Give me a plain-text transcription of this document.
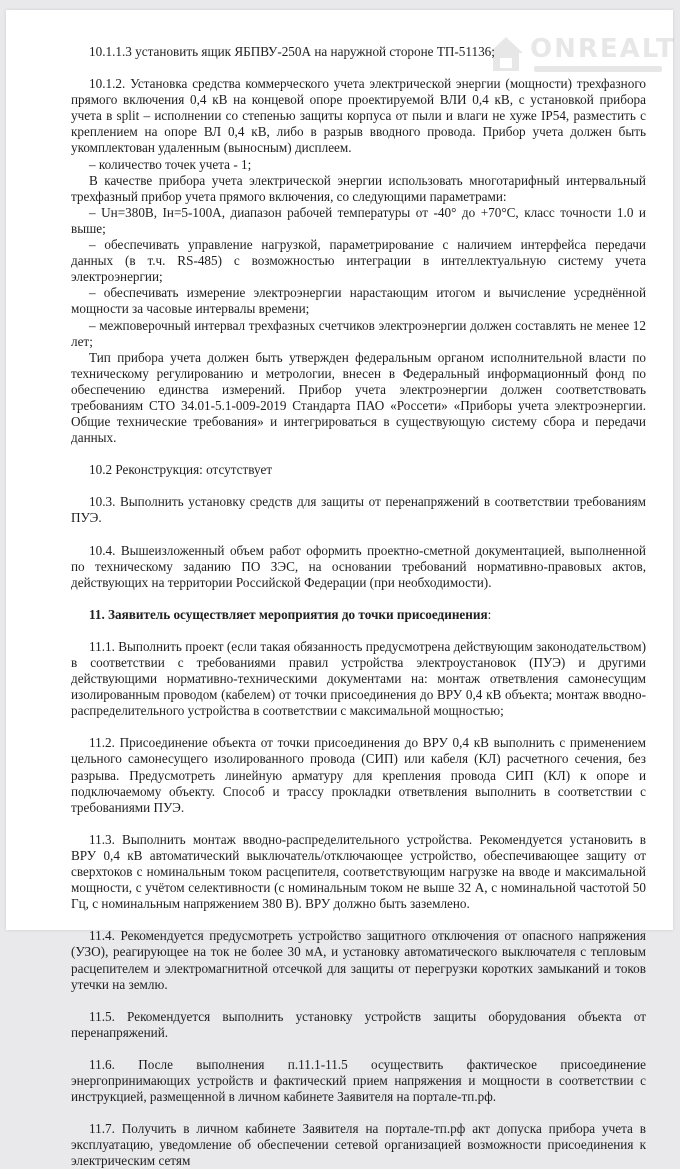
ONREALT

10.1.1.3 установить ящик ЯБПВУ-250А на наружной стороне ТП-51136;

10.1.2. Установка средства коммерческого учета электрической энергии (мощности) трехфазного прямого включения 0,4 кВ на концевой опоре проектируемой ВЛИ 0,4 кВ, с установкой прибора учета в split – исполнении со степенью защиты корпуса от пыли и влаги не хуже IP54, разместить с креплением на опоре ВЛ 0,4 кВ, либо в разрыв вводного провода. Прибор учета должен быть укомплектован удаленным (выносным) дисплеем.

– количество точек учета - 1;

В качестве прибора учета электрической энергии использовать многотарифный интервальный трехфазный прибор учета прямого включения, со следующими параметрами:

– Uн=380В, Iн=5-100А, диапазон рабочей температуры от -40° до +70°С, класс точности 1.0 и выше;

– обеспечивать управление нагрузкой, параметрирование с наличием интерфейса передачи данных (в т.ч. RS-485) с возможностью интеграции в интеллектуальную систему учета электроэнергии;

– обеспечивать измерение электроэнергии нарастающим итогом и вычисление усреднённой мощности за часовые интервалы времени;

– межповерочный интервал трехфазных счетчиков электроэнергии должен составлять не менее 12 лет;

Тип прибора учета должен быть утвержден федеральным органом исполнительной власти по техническому регулированию и метрологии, внесен в Федеральный информационный фонд по обеспечению единства измерений. Прибор учета электроэнергии должен соответствовать требованиям СТО 34.01-5.1-009-2019 Стандарта ПАО «Россети» «Приборы учета электроэнергии. Общие технические требования» и интегрироваться в существующую систему сбора и передачи данных.

10.2 Реконструкция: отсутствует

10.3. Выполнить установку средств для защиты от перенапряжений в соответствии требованиям ПУЭ.

10.4. Вышеизложенный объем работ оформить проектно-сметной документацией, выполненной по техническому заданию ПО ЗЭС, на основании требований нормативно-правовых актов, действующих на территории Российской Федерации (при необходимости).

11. Заявитель осуществляет мероприятия до точки присоединения:

11.1. Выполнить проект (если такая обязанность предусмотрена действующим законодательством) в соответствии с требованиями правил устройства электроустановок (ПУЭ) и другими действующими нормативно-техническими документами на: монтаж ответвления самонесущим изолированным проводом (кабелем) от точки присоединения до ВРУ 0,4 кВ объекта; монтаж вводно-распределительного устройства в соответствии с максимальной мощностью;

11.2. Присоединение объекта от точки присоединения до ВРУ 0,4 кВ выполнить с применением цельного самонесущего изолированного провода (СИП) или кабеля (КЛ) расчетного сечения, без разрыва. Предусмотреть линейную арматуру для крепления провода СИП (КЛ) к опоре и подключаемому объекту. Способ и трассу прокладки ответвления выполнить в соответствии с требованиями ПУЭ.

11.3. Выполнить монтаж вводно-распределительного устройства. Рекомендуется установить в ВРУ 0,4 кВ автоматический выключатель/отключающее устройство, обеспечивающее защиту от сверхтоков с номинальным током расцепителя, соответствующим нагрузке на вводе и максимальной мощности, с учётом селективности (с номинальным током не выше 32 А, с номинальной частотой 50 Гц, с номинальным напряжением 380 В). ВРУ должно быть заземлено.

11.4. Рекомендуется предусмотреть устройство защитного отключения от опасного напряжения (УЗО), реагирующее на ток не более 30 мА, и установку автоматического выключателя с тепловым расцепителем и электромагнитной отсечкой для защиты от перегрузки коротких замыканий и токов утечки на землю.

11.5. Рекомендуется выполнить установку устройств защиты оборудования объекта от перенапряжений.

11.6. После выполнения п.11.1-11.5 осуществить фактическое присоединение энергопринимающих устройств и фактический прием напряжения и мощности в соответствии с инструкцией, размещенной в личном кабинете Заявителя на портале-тп.рф.

11.7. Получить в личном кабинете Заявителя на портале-тп.рф акт допуска прибора учета в эксплуатацию, уведомление об обеспечении сетевой организацией возможности присоединения к электрическим сетям
